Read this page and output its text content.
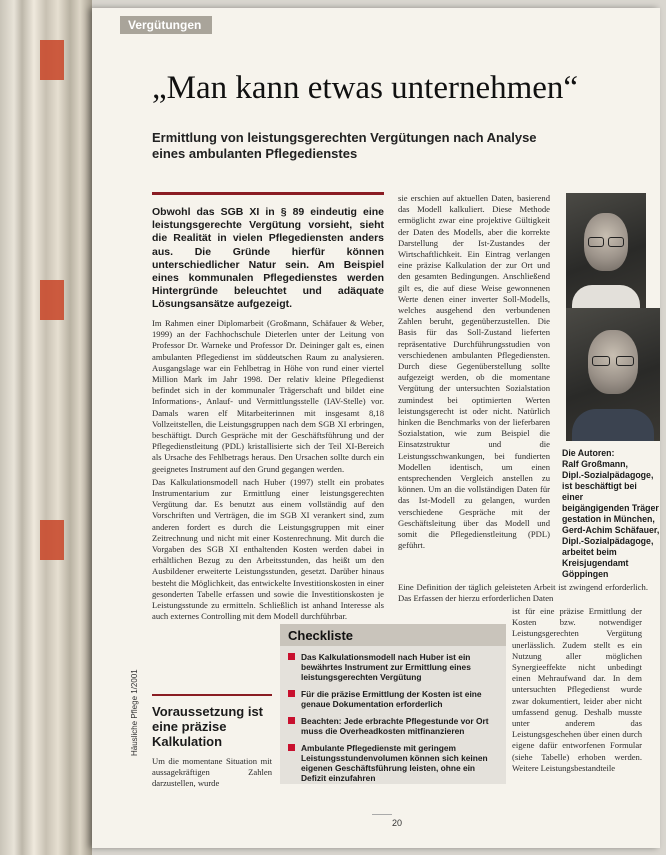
Vergütungen
„Man kann etwas unternehmen“
Ermittlung von leistungsgerechten Vergütungen nach Analyse eines ambulanten Pflegedienstes
Obwohl das SGB XI in § 89 eindeutig eine leistungsgerechte Vergütung vorsieht, sieht die Realität in vielen Pflegediensten anders aus. Die Gründe hierfür können unterschiedlicher Natur sein. Am Beispiel eines kommunalen Pflegedienstes werden Hintergründe beleuchtet und adäquate Lösungsansätze aufgezeigt.

Im Rahmen einer Diplomarbeit (Großmann, Schäfauer & Weber, 1999) an der Fachhochschule Dieterlen unter der Leitung von Professor Dr. Warneke und Professor Dr. Deininger galt es, einen ambulanten Pflegedienst im süddeutschen Raum zu analysieren. Ausgangslage war ein Fehlbetrag in Höhe von rund einer viertel Million Mark im Jahr 1998. Der relativ kleine Pflegedienst befindet sich in der kommunaler Trägerschaft und bildet eine Informations-, Anlauf- und Vermittlungsstelle (IAV-Stelle) vor. Damals waren elf Mitarbeiterinnen mit insgesamt 8,18 Vollzeitstellen, die Leistungsgruppen nach dem SGB XI erbringen, beschäftigt. Durch Gespräche mit der Geschäftsführung und der Pflegedienstleitung (PDL) kristallisierte sich der Teil XI-Bereich als Ursache des Fehlbetrags heraus. Den Ursachen sollte durch ein geeignetes Instrument auf den Grund gegangen werden.

Das Kalkulationsmodell nach Huber (1997) stellt ein probates Instrumentarium zur Ermittlung einer leistungsgerechten Vergütung dar. Es benutzt aus einem vollständig auf den Vorschriften und Verträgen, die im SGB XI verankert sind, zum anderen fordert es durch die Leistungsgruppen mit einer Zeitrechnung und nicht mit einer Kostenrechnung. Mit durch die Vorgaben des SGB XI enthaltenden Kosten werden dabei in erhältlichen Bezug zu den Arbeitsstunden, das heißt um den Ausbildener erweiterte Leistungsstunden, gesetzt. Darüber hinaus besteht die Möglichkeit, das entwickelte Investitionskosten in einer gesonderten Tabelle erfassen und sowie die Investitionskosten je Leistungsstunde zu ermitteln. Schließlich ist anhand Interesse als auch externes Controlling mit dem Modell durchführbar.

Voraussetzung ist eine präzise Kalkulation
Um die momentane Situation mit aussagekräftigen Zahlen darzustellen, wurde
sie erschien auf aktuellen Daten, basierend das Modell kalkuliert. Diese Methode ermöglicht zwar eine projektive Gültigkeit der Daten des Modells, aber die korrekte Darstellung der Ist-Zustandes der Wirtschaftlichkeit. Ein Eintrag verlangen eine präzise Kalkulation der zur Ort und den gesamten Bedingungen. Anschließend gilt es, die auf diese Weise gewonnenen Werte denen einer inverter Soll-Modells, welches ausgehend den verbundenen Zahlen beruht, gegenüberzustellen. Die Basis für das Soll-Zustand lieferten repräsentative Durchführungsstudien von verschiedenen ambulanten Pflegediensten. Durch diese Gegenüberstellung sollte aufgezeigt werden, ob die momentane Vergütung der untersuchten Sozialstation zumindest bei optimierten Werten leistungsgerecht ist oder nicht. Natürlich hinken die Benchmarks von der lieferbaren Sozialstation, wie zum Beispiel die Einsatzstruktur und die Leistungsschwankungen, bei fundierten Modellen identisch, um einen entsprechenden Vergleich anstellen zu können. Um an die vollständigen Daten für das Ist-Modell zu gelangen, wurden verschiedene Gespräche mit der Geschäftsleitung über das Modell und somit die Pflegedienstleitung (PDL) geführt.
Eine Definition der täglich geleisteten Arbeit ist zwingend erforderlich. Das Erfassen der hierzu erforderlichen Daten
ist für eine präzise Ermittlung der Kosten bzw. notwendiger Leistungsgerechten Vergütung unerlässlich. Zudem stellt es ein Nutzung aller möglichen Synergieeffekte nicht unbedingt einen Mehraufwand dar. In dem untersuchten Pflegedienst wurde zwar dokumentiert, leider aber nicht umfassend genug. Deshalb musste unter anderem das Leistungsgeschehen über einen durch eigene dafür entworfenen Formular (siehe Tabelle) erhoben werden. Weitere Leistungsbestandteile
Die Autoren:
Ralf Großmann,
Dipl.-Sozialpädagoge,
ist beschäftigt bei einer
beigängigenden Träger
gestation in München,
Gerd-Achim Schäfauer,
Dipl.-Sozialpädagoge,
arbeitet beim Kreisjugendamt Göppingen
Das Kalkulationsmodell nach Huber ist ein bewährtes Instrument zur Ermittlung eines leistungsgerechten Vergütung
Für die präzise Ermittlung der Kosten ist eine genaue Dokumentation erforderlich
Beachten: Jede erbrachte Pflegestunde vor Ort muss die Overheadkosten mitfinanzieren
Ambulante Pflegedienste mit geringem Leistungsstundenvolumen können sich keinen eigenen Geschäftsführung leisten, ohne ein Defizit einzufahren
Checkliste
20
Häusliche Pflege 1/2001
